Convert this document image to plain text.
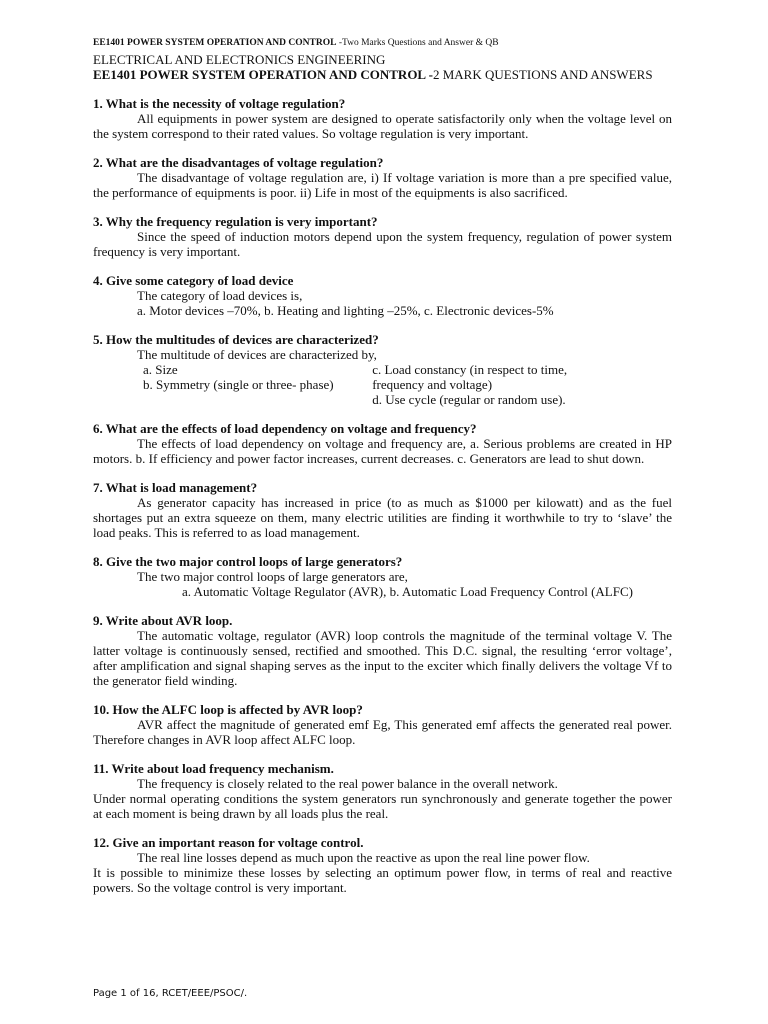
EE1401 POWER SYSTEM OPERATION AND CONTROL -Two Marks Questions and Answer & QB

ELECTRICAL AND ELECTRONICS ENGINEERING

EE1401 POWER SYSTEM OPERATION AND CONTROL -2 MARK QUESTIONS AND ANSWERS

1. What is the necessity of voltage regulation?

All equipments in power system are designed to operate satisfactorily only when the voltage level on the system correspond to their rated values. So voltage regulation is very important.

2. What are the disadvantages of voltage regulation?

The disadvantage of voltage regulation are, i) If voltage variation is more than a pre specified value, the performance of equipments is poor. ii) Life in most of the equipments is also sacrificed.

3. Why the frequency regulation is very important?

Since the speed of induction motors depend upon the system frequency, regulation of power system frequency is very important.

4. Give some category of load device

The category of load devices is,

a. Motor devices –70%, b. Heating and lighting –25%, c. Electronic devices-5%

5. How the multitudes of devices are characterized?

The multitude of devices are characterized by,

a. Size

b. Symmetry (single or three- phase)

c. Load constancy (in respect to time,

frequency and voltage)

d. Use cycle (regular or random use).

6. What are the effects of load dependency on voltage and frequency?

The effects of load dependency on voltage and frequency are, a. Serious problems are created in HP motors. b. If efficiency and power factor increases, current decreases. c. Generators are lead to shut down.

7. What is load management?

As generator capacity has increased in price (to as much as $1000 per kilowatt) and as the fuel shortages put an extra squeeze on them, many electric utilities are finding it worthwhile to try to ‘slave’ the load peaks. This is referred to as load management.

8. Give the two major control loops of large generators?

The two major control loops of large generators are,

a. Automatic Voltage Regulator (AVR), b. Automatic Load Frequency Control (ALFC)

9. Write about AVR loop.

The automatic voltage, regulator (AVR) loop controls the magnitude of the terminal voltage V. The latter voltage is continuously sensed, rectified and smoothed. This D.C. signal, the resulting ‘error voltage’, after amplification and signal shaping serves as the input to the exciter which finally delivers the voltage Vf to the generator field winding.

10. How the ALFC loop is affected by AVR loop?

AVR affect the magnitude of generated emf Eg, This generated emf affects the generated real power. Therefore changes in AVR loop affect ALFC loop.

11. Write about load frequency mechanism.

The frequency is closely related to the real power balance in the overall network.

Under normal operating conditions the system generators run synchronously and generate together the power at each moment is being drawn by all loads plus the real.

12. Give an important reason for voltage control.

The real line losses depend as much upon the reactive as upon the real line power flow.

It is possible to minimize these losses by selecting an optimum power flow, in terms of real and reactive powers. So the voltage control is very important.

Page 1 of 16, RCET/EEE/PSOC/.
